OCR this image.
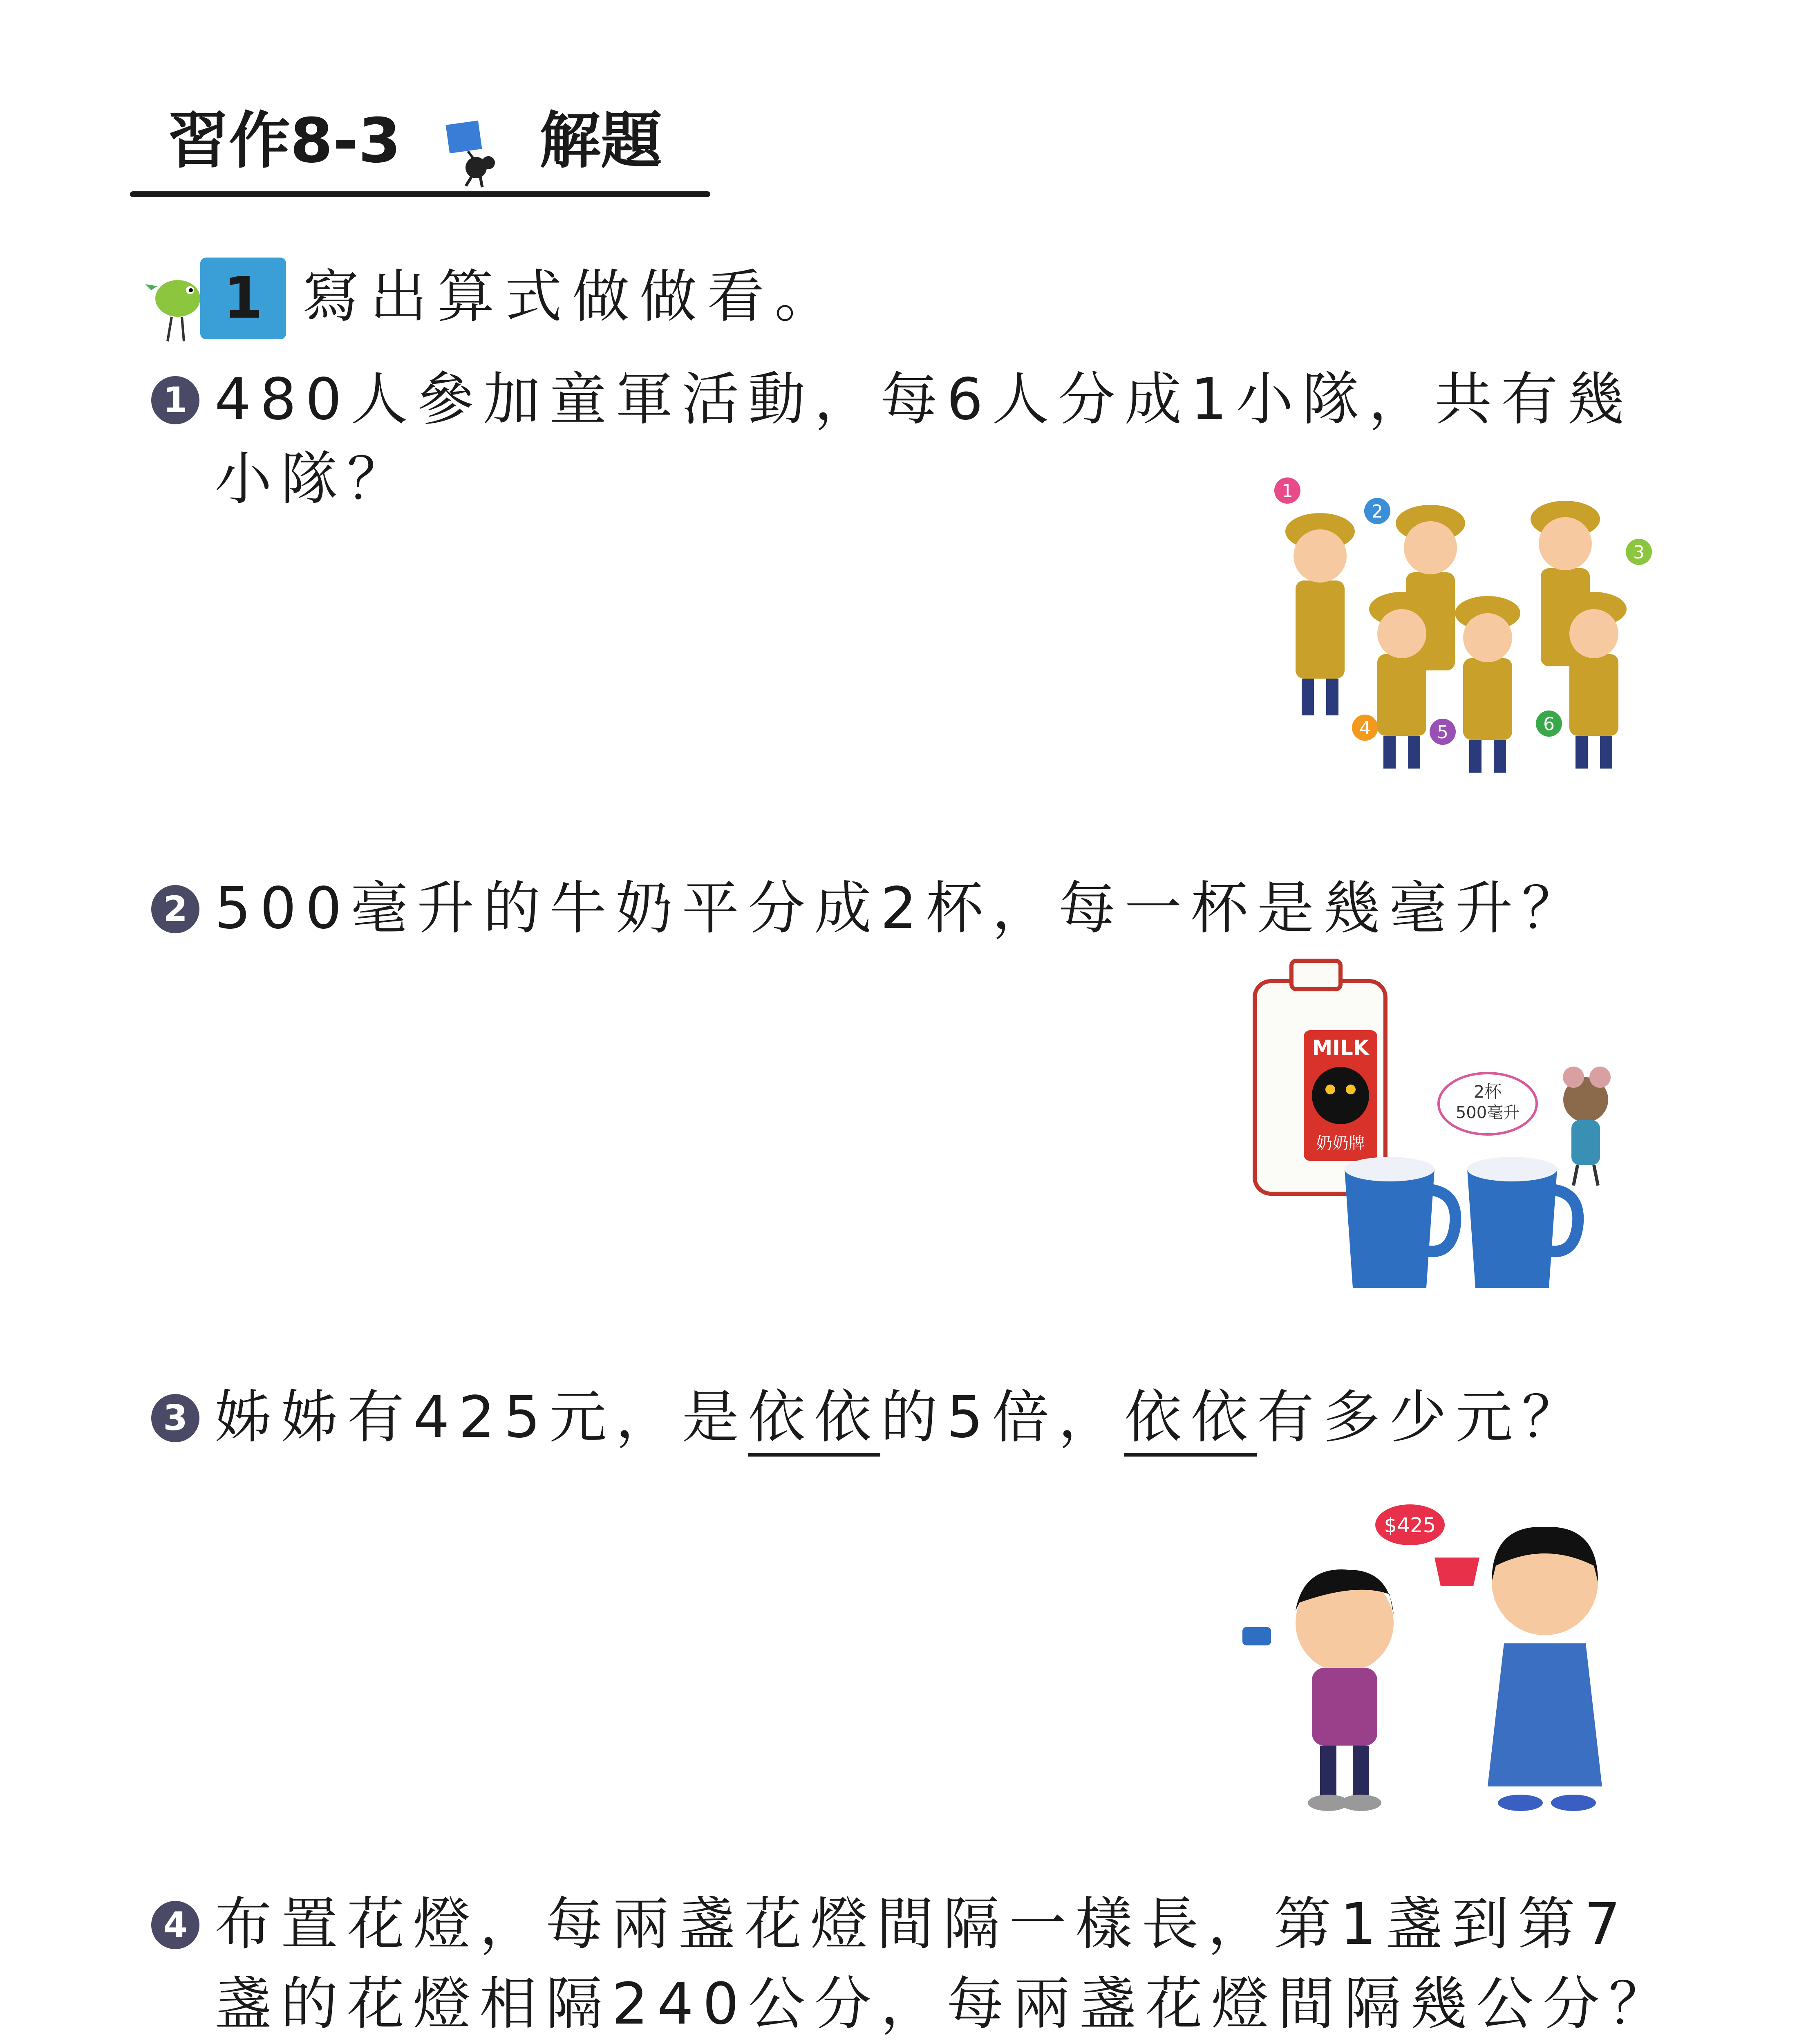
習作8-3 解題
1 寫出算式做做看。
1 480人參加童軍活動，每6人分成1小隊，共有幾小隊？	1
2
3
4	5	6
2 500毫升的牛奶平分成2杯，每一杯是幾毫升？
MILK
奶奶牌
2杯
500毫升
3 姊姊有425元，是依依的5倍，依依有多少元？
$425
4 布置花燈，每兩盞花燈間隔一樣長，第1盞到第7盞的花燈相隔240公分，每兩盞花燈間隔幾公分？
